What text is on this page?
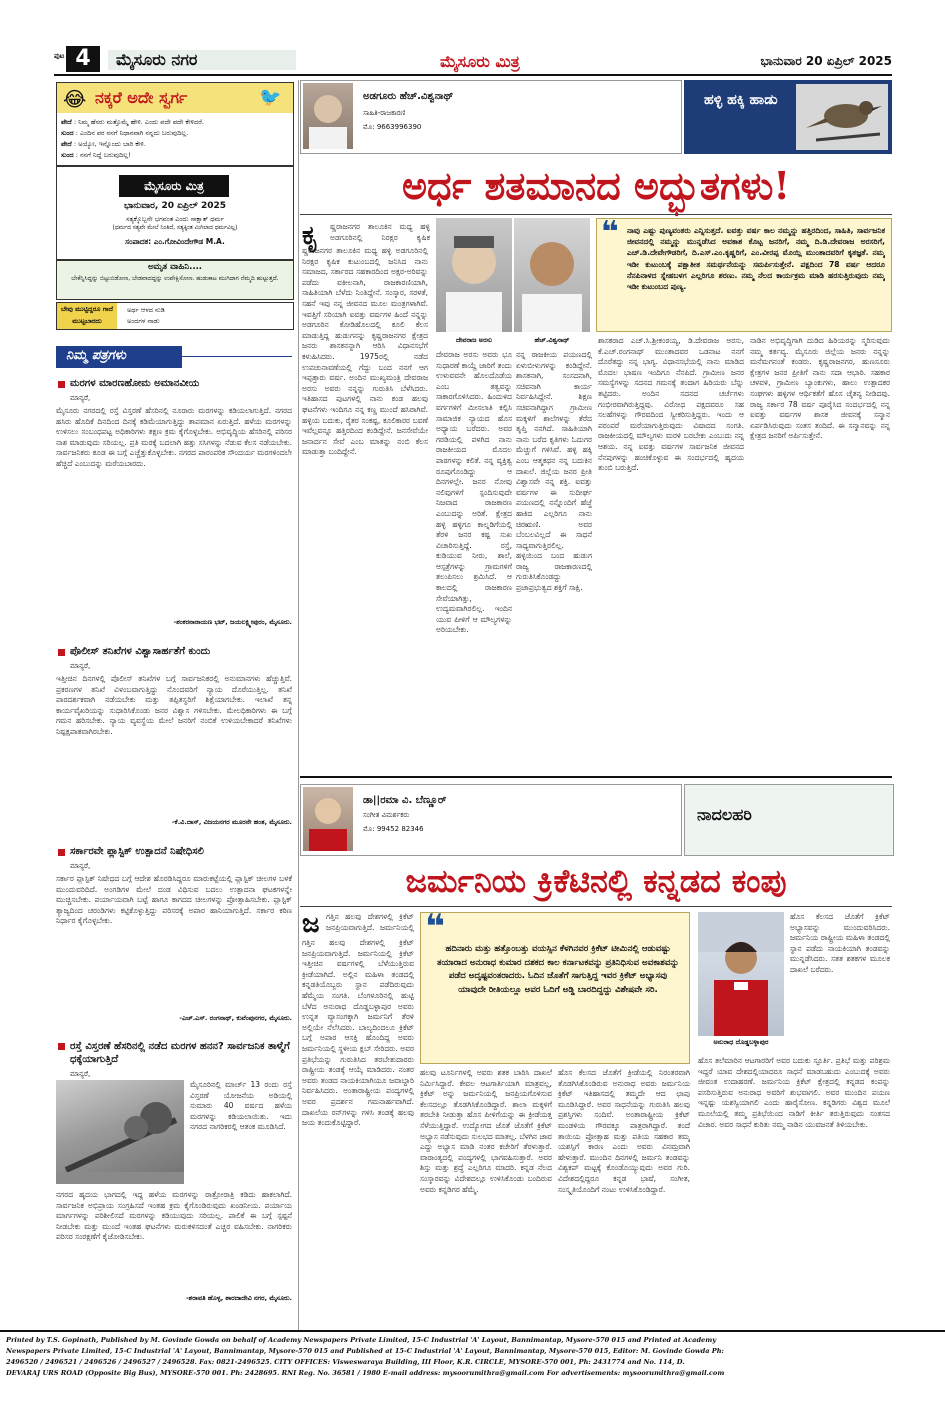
ಪುಟ 4	ಮೈಸೂರು ನಗರ	ಮೈಸೂರು ಮಿತ್ರ	ಭಾನುವಾರ 20 ಏಪ್ರಿಲ್ 2025
😂 ನಕ್ಕರೆ ಅದೇ ಸ್ವರ್ಗ	🐦
ಪೇದೆ : ನಿಮ್ಮ ಹೆಸರು ಮತ್ತೊಮ್ಮೆ ಹೇಳಿ. ಎಂದು ಪದೇ ಪದೇ ಕೇಳಿದರೆ.
ಸುಂದ : ಎಂದಿನ ಪರ ನನಗೆ ನಿಧಾನವಾಗಿ ನನ್ನದು ಬರುವುದಿಲ್ಲ.
ಪೇದೆ : ಅಯ್ಯೋ, ಇನ್ನೊಂದು ಬಾರಿ ಕೇಳಿ.
ಸುಂದ : ನನಗೆ ನಿದ್ದೆ ಬರುವುದಿಲ್ಲ!
ಮೈಸೂರು ಮಿತ್ರ
ಭಾನುವಾರ, 20 ಏಪ್ರಿಲ್ 2025
ಸತ್ಯಕ್ಕೊಬ್ಬನೇ ಭಗವಂತ ಎಂದು ಸಾಕ್ಷಾತ್ ಧರ್ಮ
(ಧರ್ಮದ ಸತ್ಯವೇ ಮೇಲೆ ನಿಂತಿದೆ, ಸತ್ಯಕ್ಕಿಂತ ಮಿಗಿಲಾದ ಧರ್ಮವಿಲ್ಲ)
ಸಂಪಾದಕ: ಎಂ.ಗೋವಿಂದೇಗೌಡ M.A.
ಅಮೃತ ವಾಹಿನಿ....
ಬೇಕೆನ್ನಿಸಿದ್ದನ್ನು ಬಿಟ್ಟುಬಿಡೋಣ, ಬೇಡವಾದದ್ದನ್ನು ಉಪೇಕ್ಷಿಸೋಣ. ಹುಡುಕಾಟ ಮುಗಿದಾಗ ನೆಮ್ಮದಿ ಹುಟ್ಟುತ್ತದೆ.
ಬೇವು ಮುಟ್ಟಿದ್ದರೂ ಗಾದೆ ಮುಟ್ಟಬಾರದು
ಅರ್ಥ ಆಳದ ನುಡಿ
ಅಂದಗಳ ನಾಡು
ನಿಮ್ಮ ಪತ್ರಗಳು
ಮರಗಳ ಮಾರಣಹೋಮ ಅಮಾನವೀಯ
ಮಾನ್ಯರೆ,
ಮೈಸೂರು ನಗರದಲ್ಲಿ ರಸ್ತೆ ವಿಸ್ತರಣೆ ಹೆಸರಿನಲ್ಲಿ ನೂರಾರು ಮರಗಳನ್ನು ಕಡಿಯಲಾಗುತ್ತಿದೆ. ನಗರದ ಹಸಿರು ಹೊದಿಕೆ ದಿನದಿಂದ ದಿನಕ್ಕೆ ಕಡಿಮೆಯಾಗುತ್ತಿದ್ದು ತಾಪಮಾನ ಏರುತ್ತಿದೆ. ಹಳೆಯ ಮರಗಳನ್ನು ಉಳಿಸಲು ಸಂಬಂಧಪಟ್ಟ ಅಧಿಕಾರಿಗಳು ತಕ್ಷಣ ಕ್ರಮ ಕೈಗೊಳ್ಳಬೇಕು. ಅಭಿವೃದ್ಧಿಯ ಹೆಸರಿನಲ್ಲಿ ಪರಿಸರ ನಾಶ ಮಾಡುವುದು ಸರಿಯಲ್ಲ. ಪ್ರತಿ ಮರಕ್ಕೆ ಬದಲಾಗಿ ಹತ್ತು ಸಸಿಗಳನ್ನು ನೆಡುವ ಕೆಲಸ ನಡೆಯಬೇಕು. ಸಾರ್ವಜನಿಕರು ಕೂಡ ಈ ಬಗ್ಗೆ ಎಚ್ಚೆತ್ತುಕೊಳ್ಳಬೇಕು. ನಗರದ ಪಾರಂಪರಿಕ ಸೌಂದರ್ಯ ಮರಗಳಿಂದಲೇ ಹೆಚ್ಚಿದೆ ಎಂಬುದನ್ನು ಮರೆಯಬಾರದು.
-ಶಂಕರನಾರಾಯಣ ಭಟ್, ಜಯಲಕ್ಷ್ಮೀಪುರಂ, ಮೈಸೂರು.
ಪೊಲೀಸ್ ತನಿಖೆಗಳ ವಿಶ್ವಾಸಾರ್ಹತೆಗೆ ಕುಂದು
ಮಾನ್ಯರೆ,
ಇತ್ತೀಚಿನ ದಿನಗಳಲ್ಲಿ ಪೊಲೀಸ್ ತನಿಖೆಗಳ ಬಗ್ಗೆ ಸಾರ್ವಜನಿಕರಲ್ಲಿ ಅನುಮಾನಗಳು ಹೆಚ್ಚುತ್ತಿವೆ. ಪ್ರಕರಣಗಳ ತನಿಖೆ ವಿಳಂಬವಾಗುತ್ತಿದ್ದು ನೊಂದವರಿಗೆ ನ್ಯಾಯ ದೊರೆಯುತ್ತಿಲ್ಲ. ತನಿಖೆ ಪಾರದರ್ಶಕವಾಗಿ ನಡೆಯಬೇಕು ಮತ್ತು ತಪ್ಪಿತಸ್ಥರಿಗೆ ಶಿಕ್ಷೆಯಾಗಬೇಕು. ಇಲಾಖೆ ತನ್ನ ಕಾರ್ಯವೈಖರಿಯನ್ನು ಸುಧಾರಿಸಿಕೊಂಡು ಜನರ ವಿಶ್ವಾಸ ಗಳಿಸಬೇಕು. ಮೇಲಧಿಕಾರಿಗಳು ಈ ಬಗ್ಗೆ ಗಮನ ಹರಿಸಬೇಕು. ನ್ಯಾಯ ವ್ಯವಸ್ಥೆಯ ಮೇಲೆ ಜನರಿಗೆ ನಂಬಿಕೆ ಉಳಿಯಬೇಕಾದರೆ ತನಿಖೆಗಳು ನಿಷ್ಪಕ್ಷಪಾತವಾಗಿರಬೇಕು.
-ಕೆ.ವಿ.ದಾಸ್, ವಿಜಯನಗರ ಮೂರನೇ ಹಂತ, ಮೈಸೂರು.
ಸರ್ಕಾರವೇ ಪ್ಲಾಸ್ಟಿಕ್ ಉತ್ಪಾದನೆ ನಿಷೇಧಿಸಲಿ
ಮಾನ್ಯರೆ,
ಸರ್ಕಾರ ಪ್ಲಾಸ್ಟಿಕ್ ನಿಷೇಧದ ಬಗ್ಗೆ ಆದೇಶ ಹೊರಡಿಸಿದ್ದರೂ ಮಾರುಕಟ್ಟೆಯಲ್ಲಿ ಪ್ಲಾಸ್ಟಿಕ್ ಚೀಲಗಳ ಬಳಕೆ ಮುಂದುವರಿದಿದೆ. ಅಂಗಡಿಗಳ ಮೇಲೆ ದಂಡ ವಿಧಿಸುವ ಬದಲು ಉತ್ಪಾದನಾ ಘಟಕಗಳನ್ನೇ ಮುಚ್ಚಿಸಬೇಕು. ಪರ್ಯಾಯವಾಗಿ ಬಟ್ಟೆ ಹಾಗೂ ಕಾಗದದ ಚೀಲಗಳನ್ನು ಪ್ರೋತ್ಸಾಹಿಸಬೇಕು. ಪ್ಲಾಸ್ಟಿಕ್ ತ್ಯಾಜ್ಯದಿಂದ ಚರಂಡಿಗಳು ಕಟ್ಟಿಕೊಳ್ಳುತ್ತಿದ್ದು ಪರಿಸರಕ್ಕೆ ಅಪಾರ ಹಾನಿಯಾಗುತ್ತಿದೆ. ಸರ್ಕಾರ ಕಠಿಣ ನಿರ್ಧಾರ ಕೈಗೊಳ್ಳಬೇಕು.
-ಎಚ್.ಎಸ್. ರಂಗನಾಥ್, ಕುವೆಂಪುನಗರ, ಮೈಸೂರು.
ರಸ್ತೆ ವಿಸ್ತರಣೆ ಹೆಸರಿನಲ್ಲಿ ನಡೆದ ಮರಗಳ ಹನನ? ಸಾರ್ವಜನಿಕ ತಾಳ್ಮೆಗೆ ಧಕ್ಕೆಯಾಗುತ್ತಿದೆ
ಮಾನ್ಯರೆ,
ಮೈಸೂರಿನಲ್ಲಿ ಮಾರ್ಚ್ 13 ರಂದು ರಸ್ತೆ ವಿಸ್ತರಣೆ ಯೋಜನೆಯ ಅಡಿಯಲ್ಲಿ ಸುಮಾರು 40 ವರ್ಷದ ಹಳೆಯ ಮರಗಳನ್ನು ಕಡಿಯಲಾಯಿತು. ಇದು ನಗರದ ನಾಗರಿಕರಲ್ಲಿ ಆತಂಕ ಮೂಡಿಸಿದೆ.
ನಗರದ ಹೃದಯ ಭಾಗದಲ್ಲಿ ಇದ್ದ ಹಳೆಯ ಮರಗಳನ್ನು ರಾತ್ರೋರಾತ್ರಿ ಕಡಿದು ಹಾಕಲಾಗಿದೆ. ಸಾರ್ವಜನಿಕ ಅಭಿಪ್ರಾಯ ಸಂಗ್ರಹಿಸದೆ ಇಂತಹ ಕ್ರಮ ಕೈಗೊಂಡಿರುವುದು ಖಂಡನೀಯ. ಪರ್ಯಾಯ ಮಾರ್ಗಗಳನ್ನು ಪರಿಶೀಲಿಸದೆ ಮರಗಳನ್ನು ಕಡಿಯುವುದು ಸರಿಯಲ್ಲ. ಪಾಲಿಕೆ ಈ ಬಗ್ಗೆ ಸ್ಪಷ್ಟನೆ ನೀಡಬೇಕು ಮತ್ತು ಮುಂದೆ ಇಂತಹ ಘಟನೆಗಳು ಮರುಕಳಿಸದಂತೆ ಎಚ್ಚರ ವಹಿಸಬೇಕು. ನಾಗರಿಕರು ಪರಿಸರ ಸಂರಕ್ಷಣೆಗೆ ಕೈಜೋಡಿಸಬೇಕು.
-ಶರಾವತಿ ಹೊಳ್ಳ, ಶಾರದಾದೇವಿ ನಗರ, ಮೈಸೂರು.
ಅಡಗೂರು ಹೆಚ್.ವಿಶ್ವನಾಥ್
ಸಾಹಿತಿ-ರಾಜಕಾರಣಿ
ಮೊ: 9663996390
ಹಳ್ಳಿ ಹಕ್ಕಿ ಹಾಡು
ಅರ್ಧ ಶತಮಾನದ ಅದ್ಭುತಗಳು!
ಕೃ ಷ್ಣರಾಜನಗರ ತಾಲೂಕಿನ ಮಧ್ಯ ಹಳ್ಳಿ ಅಡಗೂರಿನಲ್ಲಿ ನಿರಕ್ಷರ ಕೃಷಿಕ
ಷ್ಣರಾಜನಗರ ತಾಲೂಕಿನ ಮಧ್ಯ ಹಳ್ಳಿ ಅಡಗೂರಿನಲ್ಲಿ ನಿರಕ್ಷರ ಕೃಷಿಕ ಕುಟುಂಬದಲ್ಲಿ ಜನಿಸಿದ ನಾನು ಸಮಾಜದ, ಸರ್ಕಾರದ ಸಹಕಾರದಿಂದ ಅಕ್ಷರ-ಅರಿವನ್ನು ಪಡೆದು ವಕೀಲನಾಗಿ, ರಾಜಕಾರಣಿಯಾಗಿ, ಸಾಹಿತಿಯಾಗಿ ಬೆಳೆದು ನಿಂತಿದ್ದೇನೆ. ಸಂಸ್ಕಾರ, ಸರಳತೆ, ಸಹನೆ ಇವು ನನ್ನ ಜೀವನದ ಮೂಲ ಮಂತ್ರಗಳಾಗಿವೆ. ಇವತ್ತಿಗೆ ಸರಿಯಾಗಿ ಐವತ್ತು ವರ್ಷಗಳ ಹಿಂದೆ ನನ್ನನ್ನು ಅಡಗೂರಿನ ಕೋಡಿಹೊಲದಲ್ಲಿ ಕೂಲಿ ಕೆಲಸ ಮಾಡುತ್ತಿದ್ದ ಹುಡುಗನನ್ನು ಕೃಷ್ಣರಾಜನಗರ ಕ್ಷೇತ್ರದ ಜನರು ಶಾಸಕನನ್ನಾಗಿ ಆರಿಸಿ ವಿಧಾನಸಭೆಗೆ ಕಳುಹಿಸಿದರು. 1975ರಲ್ಲಿ ನಡೆದ ಉಪಚುನಾವಣೆಯಲ್ಲಿ ಗೆದ್ದು ಬಂದ ನನಗೆ ಆಗ ಇಪ್ಪತ್ತಾರು ವರ್ಷ. ಅಂದಿನ ಮುಖ್ಯಮಂತ್ರಿ ದೇವರಾಜ ಅರಸು ಅವರು ನನ್ನನ್ನು ಗುರುತಿಸಿ ಬೆಳೆಸಿದರು. ಇತಿಹಾಸದ ಪುಟಗಳಲ್ಲಿ ನಾನು ಕಂಡ ಹಲವು ಘಟನೆಗಳು ಇಂದಿಗೂ ನನ್ನ ಕಣ್ಣ ಮುಂದೆ ಹಸಿರಾಗಿವೆ. ಹಳ್ಳಿಯ ಬದುಕು, ರೈತರ ಸಂಕಷ್ಟ, ಕೂಲಿಕಾರರ ಬವಣೆ ಇವೆಲ್ಲವನ್ನೂ ಹತ್ತಿರದಿಂದ ಕಂಡಿದ್ದೇನೆ. ಜನಸೇವೆಯೇ ಜನಾರ್ದನ ಸೇವೆ ಎಂಬ ಮಾತನ್ನು ನಂಬಿ ಕೆಲಸ ಮಾಡುತ್ತಾ ಬಂದಿದ್ದೇನೆ.
ದೇವರಾಜ ಅರಸು	ಹೆಚ್.ವಿಶ್ವನಾಥ್
ದೇವರಾಜ ಅರಸು ಅವರು ಭೂ ಸುಧಾರಣೆ ಕಾಯ್ದೆ ಜಾರಿಗೆ ತಂದು ಉಳುವವನೇ ಹೊಲದೊಡೆಯ ಎಂಬ ತತ್ವವನ್ನು ಸಾಕಾರಗೊಳಿಸಿದರು. ಹಿಂದುಳಿದ ವರ್ಗಗಳಿಗೆ ಮೀಸಲಾತಿ ಕಲ್ಪಿಸಿ ಸಾಮಾಜಿಕ ನ್ಯಾಯದ ಹೊಸ ಅಧ್ಯಾಯ ಬರೆದರು. ಅವರ ಗರಡಿಯಲ್ಲಿ ಪಳಗಿದ ನಾನು ರಾಜಕೀಯದ ಮೊದಲ ಪಾಠಗಳನ್ನು ಕಲಿತೆ. ನನ್ನ ವ್ಯಕ್ತಿತ್ವ ರೂಪುಗೊಂಡಿದ್ದು ಆ ದಿನಗಳಲ್ಲೇ. ಜನರ ನೋವು ನಲಿವುಗಳಿಗೆ ಸ್ಪಂದಿಸುವುದೇ ನಿಜವಾದ ರಾಜಕಾರಣ ಎಂಬುದನ್ನು ಅರಿತೆ. ಕ್ಷೇತ್ರದ ಹಳ್ಳಿ ಹಳ್ಳಿಗೂ ಕಾಲ್ನಡಿಗೆಯಲ್ಲಿ ತೆರಳಿ ಜನರ ಕಷ್ಟ ಸುಖ ವಿಚಾರಿಸುತ್ತಿದ್ದೆ. ರಸ್ತೆ, ಕುಡಿಯುವ ನೀರು, ಶಾಲೆ, ಆಸ್ಪತ್ರೆಗಳನ್ನು ಗ್ರಾಮಗಳಿಗೆ ತಲುಪಿಸಲು ಶ್ರಮಿಸಿದೆ. ಆ ಕಾಲದಲ್ಲಿ ರಾಜಕಾರಣ ಸೇವೆಯಾಗಿತ್ತು, ಉದ್ಯಮವಾಗಿರಲಿಲ್ಲ. ಇಂದಿನ ಯುವ ಪೀಳಿಗೆ ಆ ಮೌಲ್ಯಗಳನ್ನು ಅರಿಯಬೇಕು.
ನನ್ನ ರಾಜಕೀಯ ಪಯಣದಲ್ಲಿ ಏಳುಬೀಳುಗಳನ್ನು ಕಂಡಿದ್ದೇನೆ. ಶಾಸಕನಾಗಿ, ಸಂಸದನಾಗಿ, ಸಚಿವನಾಗಿ ಕಾರ್ಯ ನಿರ್ವಹಿಸಿದ್ದೇನೆ. ಶಿಕ್ಷಣ ಸಚಿವನಾಗಿದ್ದಾಗ ಗ್ರಾಮೀಣ ಮಕ್ಕಳಿಗೆ ಶಾಲೆಗಳನ್ನು ತೆರೆದ ತೃಪ್ತಿ ನನಗಿದೆ. ಸಾಹಿತಿಯಾಗಿ ನಾನು ಬರೆದ ಕೃತಿಗಳು ಓದುಗರ ಮೆಚ್ಚುಗೆ ಗಳಿಸಿವೆ. ಹಳ್ಳಿ ಹಕ್ಕಿ ಎಂಬ ಆತ್ಮಕಥನ ನನ್ನ ಬದುಕಿನ ದಾಖಲೆ. ಜಿಲ್ಲೆಯ ಜನರ ಪ್ರೀತಿ ವಿಶ್ವಾಸವೇ ನನ್ನ ಶಕ್ತಿ. ಐವತ್ತು ವರ್ಷಗಳ ಈ ಸುದೀರ್ಘ ಪಯಣದಲ್ಲಿ ನನ್ನೊಂದಿಗೆ ಹೆಜ್ಜೆ ಹಾಕಿದ ಎಲ್ಲರಿಗೂ ನಾನು ಚಿರಋಣಿ. ಅವರ ಬೆಂಬಲವಿಲ್ಲದೆ ಈ ಸಾಧನೆ ಸಾಧ್ಯವಾಗುತ್ತಿರಲಿಲ್ಲ. ಹಳ್ಳಿಯಿಂದ ಬಂದ ಹುಡುಗ ರಾಜ್ಯ ರಾಜಕಾರಣದಲ್ಲಿ ಗುರುತಿಸಿಕೊಂಡದ್ದು ಪ್ರಜಾಪ್ರಭುತ್ವದ ಶಕ್ತಿಗೆ ಸಾಕ್ಷಿ.
❝ ನಾವು ಎಷ್ಟು ಪುಣ್ಯವಂತರು ಎನ್ನಿಸುತ್ತದೆ. ಐವತ್ತು ವರ್ಷ ಕಾಲ ನಮ್ಮನ್ನು ಹತ್ತಿರದಿಂದ, ಸಾಹಿತಿ, ಸಾರ್ವಜನಿಕ ಜೀವನದಲ್ಲಿ ನಮ್ಮನ್ನು ಮುನ್ನಡೆಸಿದ ಅವಕಾಶ ಕೊಟ್ಟ ಜನರಿಗೆ, ನಮ್ಮ ದಿ.ಡಿ.ದೇವರಾಜ ಅರಸರಿಗೆ, ಎಚ್.ಡಿ.ದೇವೇಗೌಡರಿಗೆ, ದಿ.ಎಸ್.ಎಂ.ಕೃಷ್ಣರಿಗೆ, ಎಂ.ವೀರಪ್ಪ ಮೊಯ್ಲಿ ಮುಂತಾದವರಿಗೆ ಕೃತಜ್ಞತೆ. ನಮ್ಮ ಇಡೀ ಕುಟುಂಬಕ್ಕೆ ಪಕ್ಷಾತೀತ ಸಮರ್ಥನೆಯನ್ನು ಸಮರ್ಪಿಸುತ್ತೇನೆ. ಪಕ್ಷದಿಂದ 78 ವರ್ಷ ಆದರೂ ನೆನಪಿನಾಳದ ಸ್ನೇಹಬಳಗ ಎಲ್ಲರಿಗೂ ಶರಣು. ನಮ್ಮ ನೆಲದ ಕಾರ್ಯಕ್ರಮ ಮಾಡಿ ಹರಸುತ್ತಿರುವುದು ನಮ್ಮ ಇಡೀ ಕುಟುಂಬದ ಪುಣ್ಯ.
ಶಾಸಕರಾದ ಎಚ್.ಸಿ.ಶ್ರೀಕಂಠಯ್ಯ, ಡಿ.ದೇವರಾಜ ಅರಸು, ಕೆ.ಎಚ್.ರಂಗನಾಥ್ ಮುಂತಾದವರ ಒಡನಾಟ ನನಗೆ ದೊರೆತದ್ದು ನನ್ನ ಭಾಗ್ಯ. ವಿಧಾನಸಭೆಯಲ್ಲಿ ನಾನು ಮಾಡಿದ ಮೊದಲ ಭಾಷಣ ಇಂದಿಗೂ ನೆನಪಿದೆ. ಗ್ರಾಮೀಣ ಜನರ ಸಮಸ್ಯೆಗಳನ್ನು ಸದನದ ಗಮನಕ್ಕೆ ತಂದಾಗ ಹಿರಿಯರು ಬೆನ್ನು ತಟ್ಟಿದರು. ಅಂದಿನ ಸದನದ ಚರ್ಚೆಗಳು ಗಂಭೀರವಾಗಿರುತ್ತಿದ್ದವು. ವಿರೋಧ ಪಕ್ಷದವರೂ ಸಹ ಸಲಹೆಗಳನ್ನು ಗೌರವದಿಂದ ಸ್ವೀಕರಿಸುತ್ತಿದ್ದರು. ಇಂದು ಆ ಪರಂಪರೆ ಮರೆಯಾಗುತ್ತಿರುವುದು ವಿಷಾದದ ಸಂಗತಿ. ರಾಜಕೀಯದಲ್ಲಿ ಮೌಲ್ಯಗಳು ಮರಳಿ ಬರಬೇಕು ಎಂಬುದು ನನ್ನ ಆಶಯ. ನನ್ನ ಐವತ್ತು ವರ್ಷಗಳ ಸಾರ್ವಜನಿಕ ಜೀವನದ ನೆನಪುಗಳನ್ನು ಹಂಚಿಕೊಳ್ಳುವ ಈ ಸಂದರ್ಭದಲ್ಲಿ ಹೃದಯ ತುಂಬಿ ಬರುತ್ತಿದೆ.
ನಾಡಿನ ಅಭಿವೃದ್ಧಿಗಾಗಿ ದುಡಿದ ಹಿರಿಯರನ್ನು ಸ್ಮರಿಸುವುದು ನಮ್ಮ ಕರ್ತವ್ಯ. ಮೈಸೂರು ಜಿಲ್ಲೆಯ ಜನರು ನನ್ನನ್ನು ಮನೆಮಗನಂತೆ ಕಂಡರು. ಕೃಷ್ಣರಾಜನಗರ, ಹುಣಸೂರು ಕ್ಷೇತ್ರಗಳ ಜನರ ಪ್ರೀತಿಗೆ ನಾನು ಸದಾ ಆಭಾರಿ. ಸಹಕಾರ ಚಳವಳಿ, ಗ್ರಾಮೀಣ ಬ್ಯಾಂಕುಗಳು, ಹಾಲು ಉತ್ಪಾದಕರ ಸಂಘಗಳು ಹಳ್ಳಿಗಳ ಆರ್ಥಿಕತೆಗೆ ಹೊಸ ಚೈತನ್ಯ ನೀಡಿದವು. ರಾಜ್ಯ ಸರ್ಕಾರ 78 ವರ್ಷ ಪೂರೈಸಿದ ಸಂದರ್ಭದಲ್ಲಿ ನನ್ನ ಐವತ್ತು ವರ್ಷಗಳ ಶಾಸಕ ಜೀವನಕ್ಕೆ ಸನ್ಮಾನ ಏರ್ಪಡಿಸಿರುವುದು ಸಂತಸ ತಂದಿದೆ. ಈ ಸನ್ಮಾನವನ್ನು ನನ್ನ ಕ್ಷೇತ್ರದ ಜನರಿಗೆ ಅರ್ಪಿಸುತ್ತೇನೆ.
ಡಾ||ರಮಾ ವಿ. ಬೆಣ್ಣೂರ್
ಸಂಗೀತ ವಿಮರ್ಶಕರು
ಮೊ: 99452 82346
ನಾದಲಹರಿ
ಜರ್ಮನಿಯ ಕ್ರಿಕೆಟಿನಲ್ಲಿ ಕನ್ನಡದ ಕಂಪು
ಜ ಗತ್ತಿನ ಹಲವು ದೇಶಗಳಲ್ಲಿ ಕ್ರಿಕೆಟ್ ಜನಪ್ರಿಯವಾಗುತ್ತಿದೆ. ಜರ್ಮನಿಯಲ್ಲಿ
ಗತ್ತಿನ ಹಲವು ದೇಶಗಳಲ್ಲಿ ಕ್ರಿಕೆಟ್ ಜನಪ್ರಿಯವಾಗುತ್ತಿದೆ. ಜರ್ಮನಿಯಲ್ಲಿ ಕ್ರಿಕೆಟ್ ಇತ್ತೀಚಿನ ವರ್ಷಗಳಲ್ಲಿ ಬೆಳೆಯುತ್ತಿರುವ ಕ್ರೀಡೆಯಾಗಿದೆ. ಅಲ್ಲಿನ ಮಹಿಳಾ ತಂಡದಲ್ಲಿ ಕನ್ನಡತಿಯೊಬ್ಬರು ಸ್ಥಾನ ಪಡೆದಿರುವುದು ಹೆಮ್ಮೆಯ ಸಂಗತಿ. ಬೆಂಗಳೂರಿನಲ್ಲಿ ಹುಟ್ಟಿ ಬೆಳೆದ ಅನುರಾಧ ದೊಡ್ಡಬಳ್ಳಾಪುರ ಅವರು ಉನ್ನತ ವ್ಯಾಸಂಗಕ್ಕಾಗಿ ಜರ್ಮನಿಗೆ ತೆರಳಿ ಅಲ್ಲಿಯೇ ನೆಲೆಸಿದರು. ಬಾಲ್ಯದಿಂದಲೂ ಕ್ರಿಕೆಟ್ ಬಗ್ಗೆ ಅಪಾರ ಆಸಕ್ತಿ ಹೊಂದಿದ್ದ ಅವರು ಜರ್ಮನಿಯಲ್ಲಿ ಸ್ಥಳೀಯ ಕ್ಲಬ್ ಸೇರಿದರು. ಅವರ ಪ್ರತಿಭೆಯನ್ನು ಗುರುತಿಸಿದ ತರಬೇತುದಾರರು ರಾಷ್ಟ್ರೀಯ ತಂಡಕ್ಕೆ ಆಯ್ಕೆ ಮಾಡಿದರು. ನಂತರ ಅವರು ತಂಡದ ನಾಯಕಿಯಾಗಿಯೂ ಜವಾಬ್ದಾರಿ ನಿರ್ವಹಿಸಿದರು. ಅಂತಾರಾಷ್ಟ್ರೀಯ ಪಂದ್ಯಗಳಲ್ಲಿ ಅವರ ಪ್ರದರ್ಶನ ಗಮನಾರ್ಹವಾಗಿದೆ. ದಾಖಲೆಯ ರನ್‌ಗಳನ್ನು ಗಳಿಸಿ ತಂಡಕ್ಕೆ ಹಲವು ಜಯ ತಂದುಕೊಟ್ಟಿದ್ದಾರೆ.
❝
ಹದಿನಾರು ಮತ್ತು ಹತ್ತೊಂಬತ್ತು ವಯಸ್ಸಿನ ಕೆಳಗಿನವರ ಕ್ರಿಕೆಟ್ ಟೀಮಿನಲ್ಲಿ ಆಡುವಷ್ಟು ತಯಾರಾದ ಅನುರಾಧ ಕುಮಾರ ದಶಕದ ಕಾಲ ಕರ್ನಾಟಕವನ್ನು ಪ್ರತಿನಿಧಿಸುವ ಅವಕಾಶವನ್ನು ಪಡೆದ ಅದೃಷ್ಟವಂತರಾದರು. ಓದಿನ ಜೊತೆಗೆ ಸಾಗುತ್ತಿದ್ದ ಇವರ ಕ್ರಿಕೆಟ್ ಅಭ್ಯಾಸವು ಯಾವುದೇ ರೀತಿಯಲ್ಲೂ ಅವರ ಓದಿಗೆ ಅಡ್ಡಿ ಬಾರದಿದ್ದದ್ದು ವಿಶೇಷವೇ ಸರಿ.
ಹಲವು ಟೂರ್ನಿಗಳಲ್ಲಿ ಅವರು ಶತಕ ಬಾರಿಸಿ ದಾಖಲೆ ನಿರ್ಮಿಸಿದ್ದಾರೆ. ಕೇವಲ ಆಟಗಾರ್ತಿಯಾಗಿ ಮಾತ್ರವಲ್ಲ, ಕ್ರಿಕೆಟ್ ಅನ್ನು ಜರ್ಮನಿಯಲ್ಲಿ ಜನಪ್ರಿಯಗೊಳಿಸುವ ಕೆಲಸದಲ್ಲೂ ತೊಡಗಿಸಿಕೊಂಡಿದ್ದಾರೆ. ಶಾಲಾ ಮಕ್ಕಳಿಗೆ ತರಬೇತಿ ನೀಡುತ್ತಾ ಹೊಸ ಪೀಳಿಗೆಯನ್ನು ಈ ಕ್ರೀಡೆಯತ್ತ ಸೆಳೆಯುತ್ತಿದ್ದಾರೆ. ಉದ್ಯೋಗದ ಜೊತೆ ಜೊತೆಗೆ ಕ್ರಿಕೆಟ್ ಅಭ್ಯಾಸ ನಡೆಸುವುದು ಸುಲಭದ ಮಾತಲ್ಲ. ಬೆಳಗಿನ ಜಾವ ಎದ್ದು ಅಭ್ಯಾಸ ಮಾಡಿ ನಂತರ ಕಚೇರಿಗೆ ತೆರಳುತ್ತಾರೆ. ವಾರಾಂತ್ಯದಲ್ಲಿ ಪಂದ್ಯಗಳಲ್ಲಿ ಭಾಗವಹಿಸುತ್ತಾರೆ. ಅವರ ಶಿಸ್ತು ಮತ್ತು ಶ್ರದ್ಧೆ ಎಲ್ಲರಿಗೂ ಮಾದರಿ. ಕನ್ನಡ ನೆಲದ ಸಂಸ್ಕಾರವನ್ನು ವಿದೇಶದಲ್ಲೂ ಉಳಿಸಿಕೊಂಡು ಬಂದಿರುವ ಅವರು ಕನ್ನಡಿಗರ ಹೆಮ್ಮೆ.
ಹೊಸ ಕೆಲಸದ ಜೊತೆಗೆ ಕ್ರೀಡೆಯಲ್ಲಿ ನಿರಂತರವಾಗಿ ತೊಡಗಿಸಿಕೊಂಡಿರುವ ಅನುರಾಧ ಅವರು ಜರ್ಮನಿಯ ಕ್ರಿಕೆಟ್ ಇತಿಹಾಸದಲ್ಲಿ ತಮ್ಮದೇ ಆದ ಛಾಪು ಮೂಡಿಸಿದ್ದಾರೆ. ಅವರ ಸಾಧನೆಯನ್ನು ಗುರುತಿಸಿ ಹಲವು ಪ್ರಶಸ್ತಿಗಳು ಸಂದಿವೆ. ಅಂತಾರಾಷ್ಟ್ರೀಯ ಕ್ರಿಕೆಟ್ ಮಂಡಳಿಯ ಗೌರವಕ್ಕೂ ಪಾತ್ರರಾಗಿದ್ದಾರೆ. ತಂದೆ ತಾಯಿಯ ಪ್ರೋತ್ಸಾಹ ಮತ್ತು ಪತಿಯ ಸಹಕಾರ ತಮ್ಮ ಯಶಸ್ಸಿಗೆ ಕಾರಣ ಎಂದು ಅವರು ವಿನಮ್ರವಾಗಿ ಹೇಳುತ್ತಾರೆ. ಮುಂದಿನ ದಿನಗಳಲ್ಲಿ ಜರ್ಮನಿ ತಂಡವನ್ನು ವಿಶ್ವಕಪ್ ಮಟ್ಟಕ್ಕೆ ಕೊಂಡೊಯ್ಯುವುದು ಅವರ ಗುರಿ. ವಿದೇಶದಲ್ಲಿದ್ದರೂ ಕನ್ನಡ ಭಾಷೆ, ಸಂಗೀತ, ಸಂಸ್ಕೃತಿಯೊಂದಿಗೆ ನಂಟು ಉಳಿಸಿಕೊಂಡಿದ್ದಾರೆ.
ಅನುರಾಧ ದೊಡ್ಡಬಳ್ಳಾಪುರ
ಹೊಸ ಕೆಲಸದ ಜೊತೆಗೆ ಕ್ರಿಕೆಟ್ ಅಭ್ಯಾಸವನ್ನು ಮುಂದುವರಿಸಿದರು. ಜರ್ಮನಿಯ ರಾಷ್ಟ್ರೀಯ ಮಹಿಳಾ ತಂಡದಲ್ಲಿ ಸ್ಥಾನ ಪಡೆದು ನಾಯಕಿಯಾಗಿ ತಂಡವನ್ನು ಮುನ್ನಡೆಸಿದರು. ಸತತ ಶತಕಗಳ ಮೂಲಕ ದಾಖಲೆ ಬರೆದರು.
ಹೊಸ ತಲೆಮಾರಿನ ಆಟಗಾರರಿಗೆ ಅವರ ಬದುಕು ಸ್ಫೂರ್ತಿ. ಪ್ರತಿಭೆ ಮತ್ತು ಪರಿಶ್ರಮ ಇದ್ದರೆ ಯಾವ ದೇಶದಲ್ಲಿಯಾದರೂ ಸಾಧನೆ ಮಾಡಬಹುದು ಎಂಬುದಕ್ಕೆ ಅವರು ಜೀವಂತ ಉದಾಹರಣೆ. ಜರ್ಮನಿಯ ಕ್ರಿಕೆಟ್ ಕ್ಷೇತ್ರದಲ್ಲಿ ಕನ್ನಡದ ಕಂಪನ್ನು ಪಸರಿಸುತ್ತಿರುವ ಅನುರಾಧ ಅವರಿಗೆ ಶುಭವಾಗಲಿ. ಅವರ ಮುಂದಿನ ಪಯಣ ಇನ್ನಷ್ಟು ಯಶಸ್ವಿಯಾಗಲಿ ಎಂದು ಹಾರೈಸೋಣ. ಕನ್ನಡಿಗರು ವಿಶ್ವದ ಮೂಲೆ ಮೂಲೆಯಲ್ಲಿ ತಮ್ಮ ಪ್ರತಿಭೆಯಿಂದ ನಾಡಿಗೆ ಕೀರ್ತಿ ತರುತ್ತಿರುವುದು ಸಂತಸದ ವಿಚಾರ. ಅವರ ಸಾಧನೆ ಕುರಿತು ನಮ್ಮ ನಾಡಿನ ಯುವಜನತೆ ತಿಳಿಯಬೇಕು.
Printed by T.S. Gopinath, Published by M. Govinde Gowda on behalf of Academy Newspapers Private Limited, 15-C Industrial 'A' Layout, Bannimantap, Mysore-570 015 and Printed at Academy
Newspapers Private Limited, 15-C Industrial 'A' Layout, Bannimantap, Mysore-570 015 and Published at 15-C Industrial 'A' Layout, Bannimantap, Mysore-570 015, Editor: M. Govinde Gowda Ph:
2496520 / 2496521 / 2496526 / 2496527 / 2496528. Fax: 0821-2496525. CITY OFFICES: Visweswaraya Building, III Floor, K.R. CIRCLE, MYSORE-570 001, Ph: 2431774 and No. 114, D.
DEVARAJ URS ROAD (Opposite Big Bus), MYSORE-570 001. Ph: 2428695. RNI Reg. No. 36581 / 1980 E-mail address: mysoorumithra@gmail.com For advertisements: mysoorumithra@gmail.com
